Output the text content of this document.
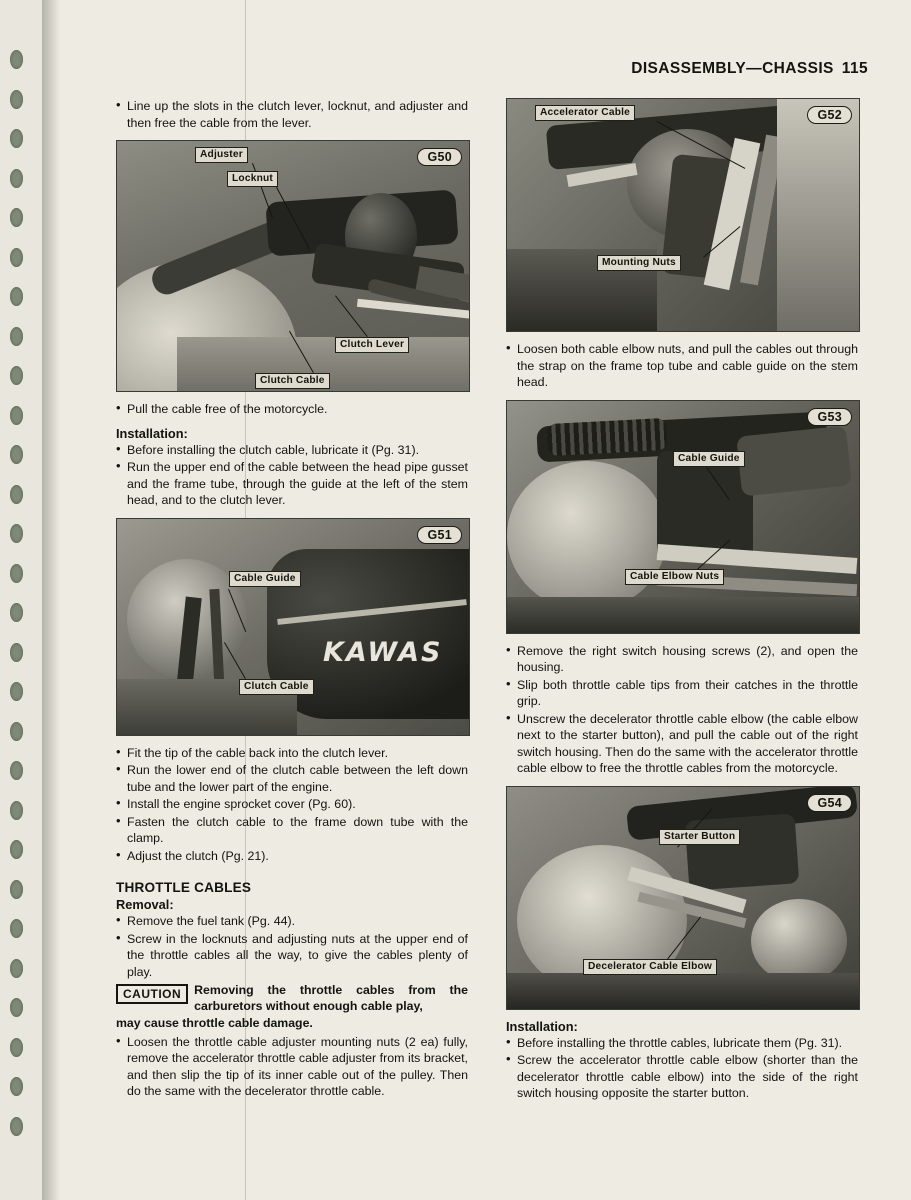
DISASSEMBLY—CHASSIS 115
• Line up the slots in the clutch lever, locknut, and adjuster and then free the cable from the lever.
Adjuster
Locknut
Clutch Lever
Clutch Cable
G50
• Pull the cable free of the motorcycle.
Installation:
• Before installing the clutch cable, lubricate it (Pg. 31).
• Run the upper end of the cable between the head pipe gusset and the frame tube, through the guide at the left of the stem head, and to the clutch lever.
KAWAS
Cable Guide
Clutch Cable
G51
• Fit the tip of the cable back into the clutch lever.
• Run the lower end of the clutch cable between the left down tube and the lower part of the engine.
• Install the engine sprocket cover (Pg. 60).
• Fasten the clutch cable to the frame down tube with the clamp.
• Adjust the clutch (Pg. 21).
THROTTLE CABLES
Removal:
• Remove the fuel tank (Pg. 44).
• Screw in the locknuts and adjusting nuts at the upper end of the throttle cables all the way, to give the cables plenty of play.
CAUTION	Removing the throttle cables from the carburetors without enough cable play,
may cause throttle cable damage.
• Loosen the throttle cable adjuster mounting nuts (2 ea) fully, remove the accelerator throttle cable adjuster from its bracket, and then slip the tip of its inner cable out of the pulley. Then do the same with the decelerator throttle cable.
Accelerator Cable
Mounting Nuts
G52
• Loosen both cable elbow nuts, and pull the cables out through the strap on the frame top tube and cable guide on the stem head.
Cable Guide
Cable Elbow Nuts
G53
• Remove the right switch housing screws (2), and open the housing.
• Slip both throttle cable tips from their catches in the throttle grip.
• Unscrew the decelerator throttle cable elbow (the cable elbow next to the starter button), and pull the cable out of the right switch housing. Then do the same with the accelerator throttle cable elbow to free the throttle cables from the motorcycle.
Starter Button
Decelerator Cable Elbow
G54
Installation:
• Before installing the throttle cables, lubricate them (Pg. 31).
• Screw the accelerator throttle cable elbow (shorter than the decelerator throttle cable elbow) into the side of the right switch housing opposite the starter button.
